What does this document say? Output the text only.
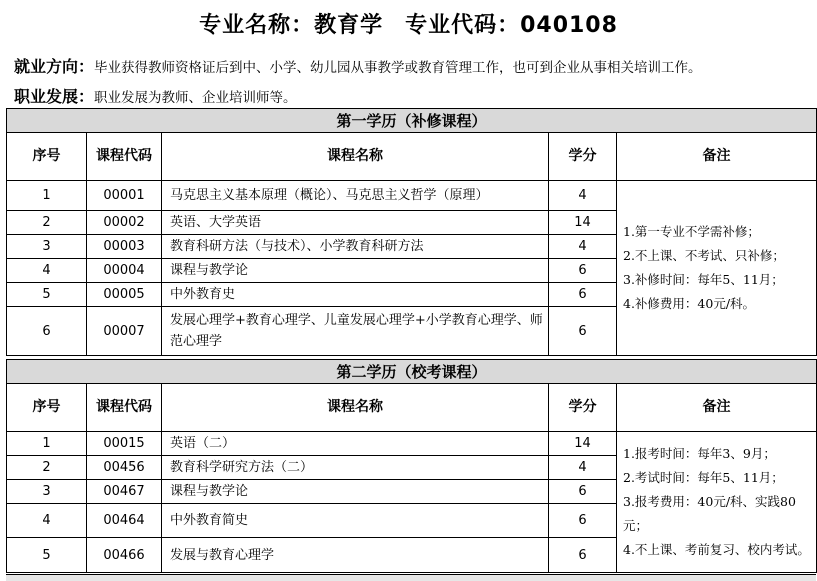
专业名称：教育学 专业代码：040108
就业方向：毕业获得教师资格证后到中、小学、幼儿园从事教学或教育管理工作，也可到企业从事相关培训工作。
职业发展：职业发展为教师、企业培训师等。
第一学历（补修课程）				
序号	课程代码	课程名称	学分	备注
1	00001	马克思主义基本原理（概论）、马克思主义哲学（原理）	4	1.第一专业不学需补修；
2.不上课、不考试、只补修；
3.补修时间：每年5、11月；
4.补修费用：40元/科。

2	00002	英语、大学英语	14	
3	00003	教育科研方法（与技术）、小学教育科研方法	4	
4	00004	课程与教学论	6	
5	00005	中外教育史	6	
6	00007	发展心理学+教育心理学、儿童发展心理学+小学教育心理学、师范心理学	6	
第二学历（校考课程）				
序号	课程代码	课程名称	学分	备注
1	00015	英语（二）	14	1.报考时间：每年3、9月；
2.考试时间：每年5、11月；
3.报考费用：40元/科、实践80元；
4.不上课、考前复习、校内考试。

2	00456	教育科学研究方法（二）	4	
3	00467	课程与教学论	6	
4	00464	中外教育简史	6	
5	00466	发展与教育心理学	6	
